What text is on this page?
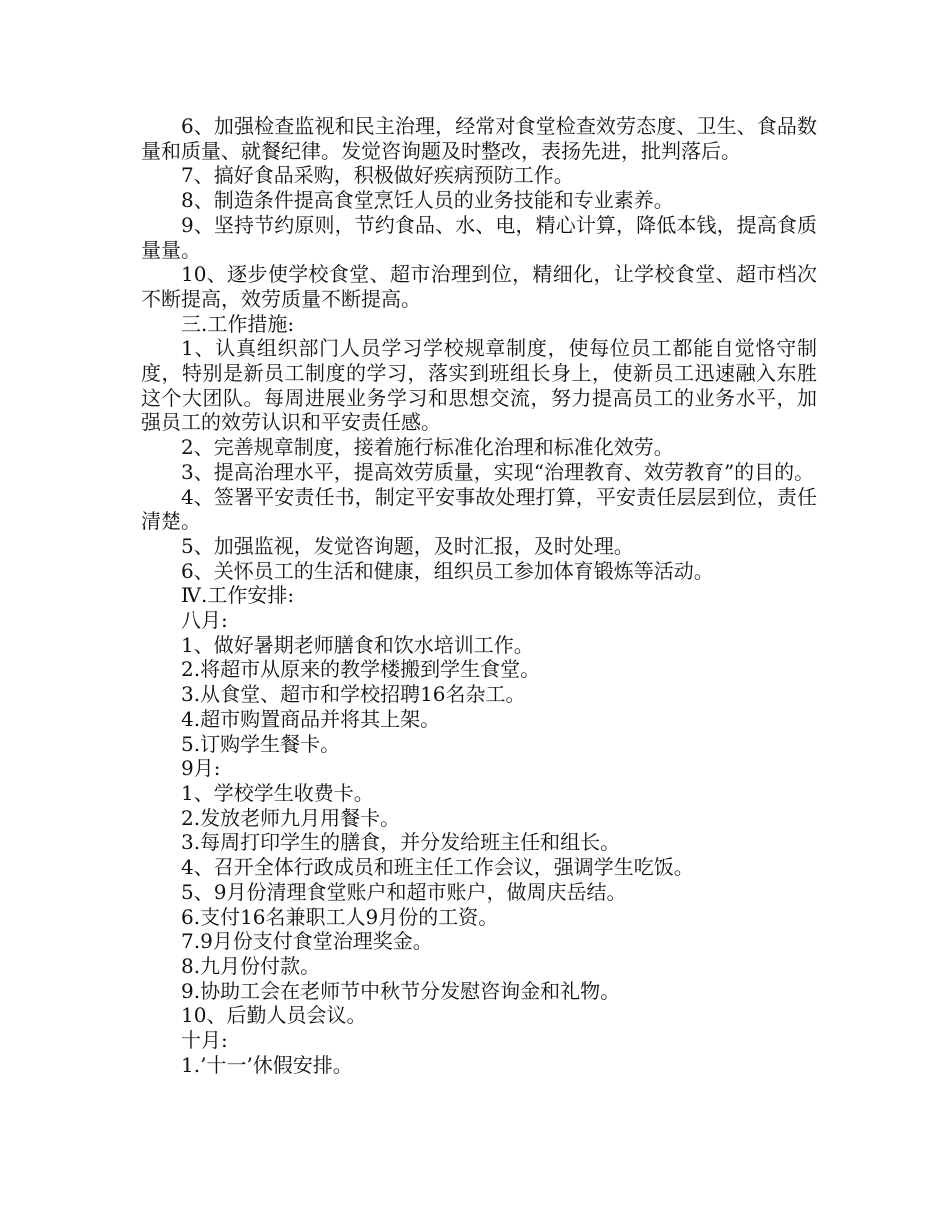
6、加强检查监视和民主治理，经常对食堂检查效劳态度、卫生、食品数量和质量、就餐纪律。发觉咨询题及时整改，表扬先进，批判落后。

7、搞好食品采购，积极做好疾病预防工作。

8、制造条件提高食堂烹饪人员的业务技能和专业素养。

9、坚持节约原则，节约食品、水、电，精心计算，降低本钱，提高食质量量。

10、逐步使学校食堂、超市治理到位，精细化，让学校食堂、超市档次不断提高，效劳质量不断提高。

三.工作措施:

1、认真组织部门人员学习学校规章制度，使每位员工都能自觉恪守制度，特别是新员工制度的学习，落实到班组长身上，使新员工迅速融入东胜这个大团队。每周进展业务学习和思想交流，努力提高员工的业务水平，加强员工的效劳认识和平安责任感。

2、完善规章制度，接着施行标准化治理和标准化效劳。

3、提高治理水平，提高效劳质量，实现“治理教育、效劳教育”的目的。

4、签署平安责任书，制定平安事故处理打算，平安责任层层到位，责任清楚。

5、加强监视，发觉咨询题，及时汇报，及时处理。

6、关怀员工的生活和健康，组织员工参加体育锻炼等活动。

Ⅳ.工作安排:

八月:

1、做好暑期老师膳食和饮水培训工作。

2.将超市从原来的教学楼搬到学生食堂。

3.从食堂、超市和学校招聘16名杂工。

4.超市购置商品并将其上架。

5.订购学生餐卡。

9月:

1、学校学生收费卡。

2.发放老师九月用餐卡。

3.每周打印学生的膳食，并分发给班主任和组长。

4、召开全体行政成员和班主任工作会议，强调学生吃饭。

5、9月份清理食堂账户和超市账户，做周庆岳结。

6.支付16名兼职工人9月份的工资。

7.9月份支付食堂治理奖金。

8.九月份付款。

9.协助工会在老师节中秋节分发慰咨询金和礼物。

10、后勤人员会议。

十月:

1.’十一’休假安排。
